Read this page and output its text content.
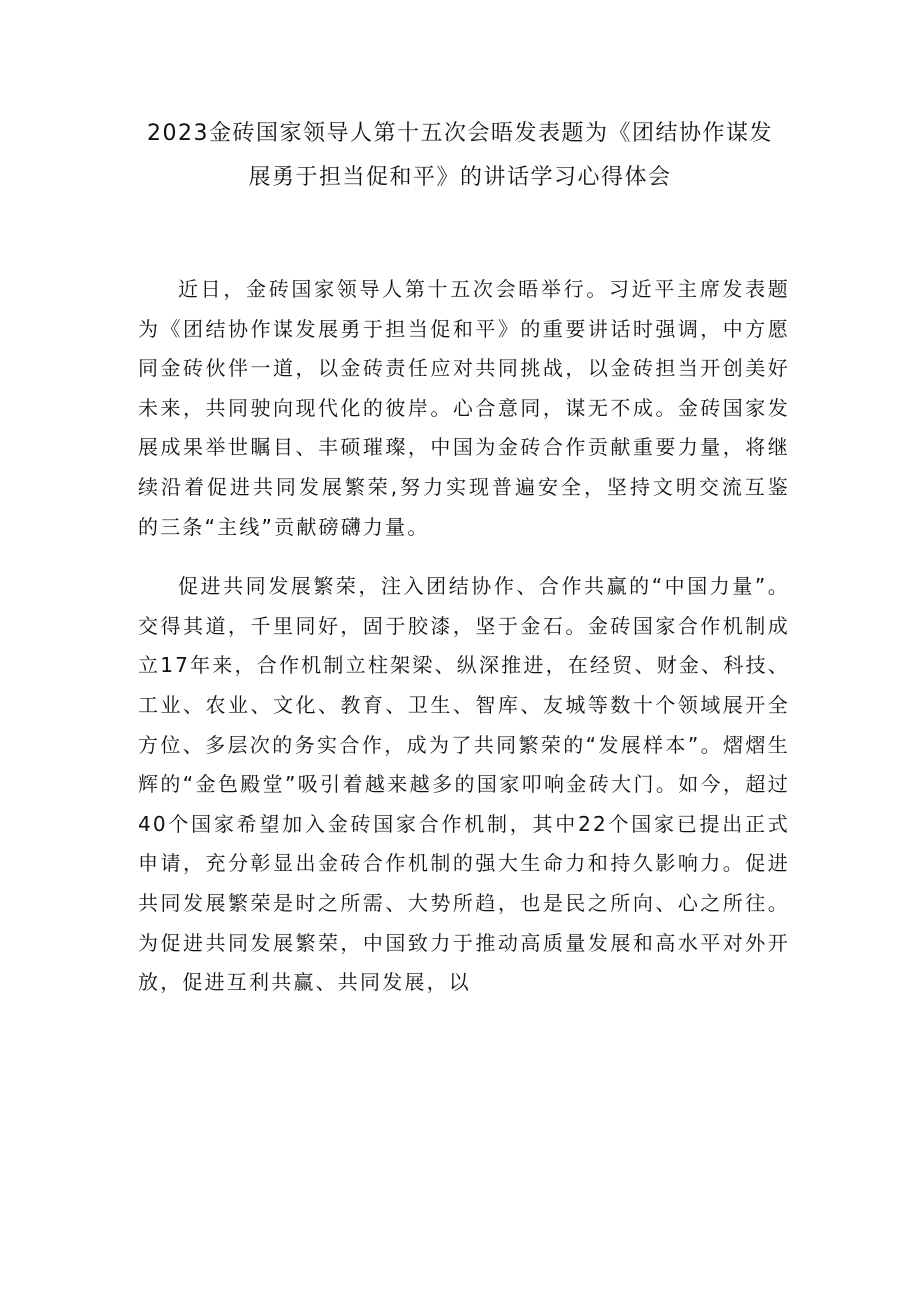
2023金砖国家领导人第十五次会晤发表题为《团结协作谋发
展勇于担当促和平》的讲话学习心得体会

近日，金砖国家领导人第十五次会晤举行。习近平主席发表题为《团结协作谋发展勇于担当促和平》的重要讲话时强调，中方愿同金砖伙伴一道，以金砖责任应对共同挑战，以金砖担当开创美好未来，共同驶向现代化的彼岸。心合意同，谋无不成。金砖国家发展成果举世瞩目、丰硕璀璨，中国为金砖合作贡献重要力量，将继续沿着促进共同发展繁荣,努力实现普遍安全，坚持文明交流互鉴的三条“主线”贡献磅礴力量。

促进共同发展繁荣，注入团结协作、合作共赢的“中国力量”。交得其道，千里同好，固于胶漆，坚于金石。金砖国家合作机制成立17年来，合作机制立柱架梁、纵深推进，在经贸、财金、科技、工业、农业、文化、教育、卫生、智库、友城等数十个领域展开全方位、多层次的务实合作，成为了共同繁荣的“发展样本”。熠熠生辉的“金色殿堂”吸引着越来越多的国家叩响金砖大门。如今，超过40个国家希望加入金砖国家合作机制，其中22个国家已提出正式申请，充分彰显出金砖合作机制的强大生命力和持久影响力。促进共同发展繁荣是时之所需、大势所趋，也是民之所向、心之所往。为促进共同发展繁荣，中国致力于推动高质量发展和高水平对外开放，促进互利共赢、共同发展，以
